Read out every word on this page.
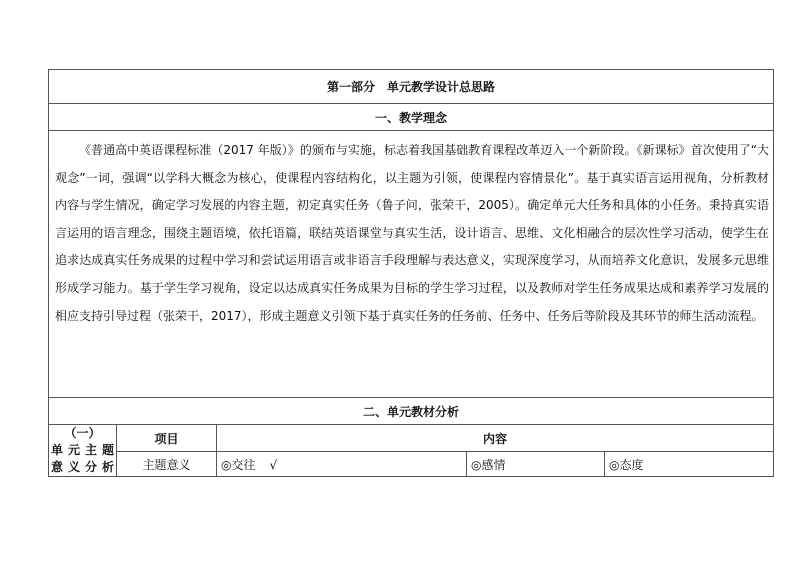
第一部分　单元教学设计总思路				
一、教学理念				
《普通高中英语课程标准（2017 年版）》的颁布与实施，标志着我国基础教育课程改革迈入一个新阶段。《新课标》首次使用了“大观念”一词，强调“以学科大概念为核心，使课程内容结构化，以主题为引领，使课程内容情景化”。基于真实语言运用视角，分析教材内容与学生情况，确定学习发展的内容主题，初定真实任务（鲁子问，张荣干，2005）。确定单元大任务和具体的小任务。秉持真实语言运用的语言理念，围绕主题语境，依托语篇，联结英语课堂与真实生活，设计语言、思维、文化相融合的层次性学习活动，使学生在追求达成真实任务成果的过程中学习和尝试运用语言或非语言手段理解与表达意义，实现深度学习，从而培养文化意识，发展多元思维形成学习能力。基于学生学习视角，设定以达成真实任务成果为目标的学生学习过程，以及教师对学生任务成果达成和素养学习发展的相应支持引导过程（张荣干，2017），形成主题意义引领下基于真实任务的任务前、任务中、任务后等阶段及其环节的师生活动流程。				
二、单元教材分析				
（一）

单元主题
意义分析	项目	内容		
	主题意义	◎交往 √	◎感情	◎态度
